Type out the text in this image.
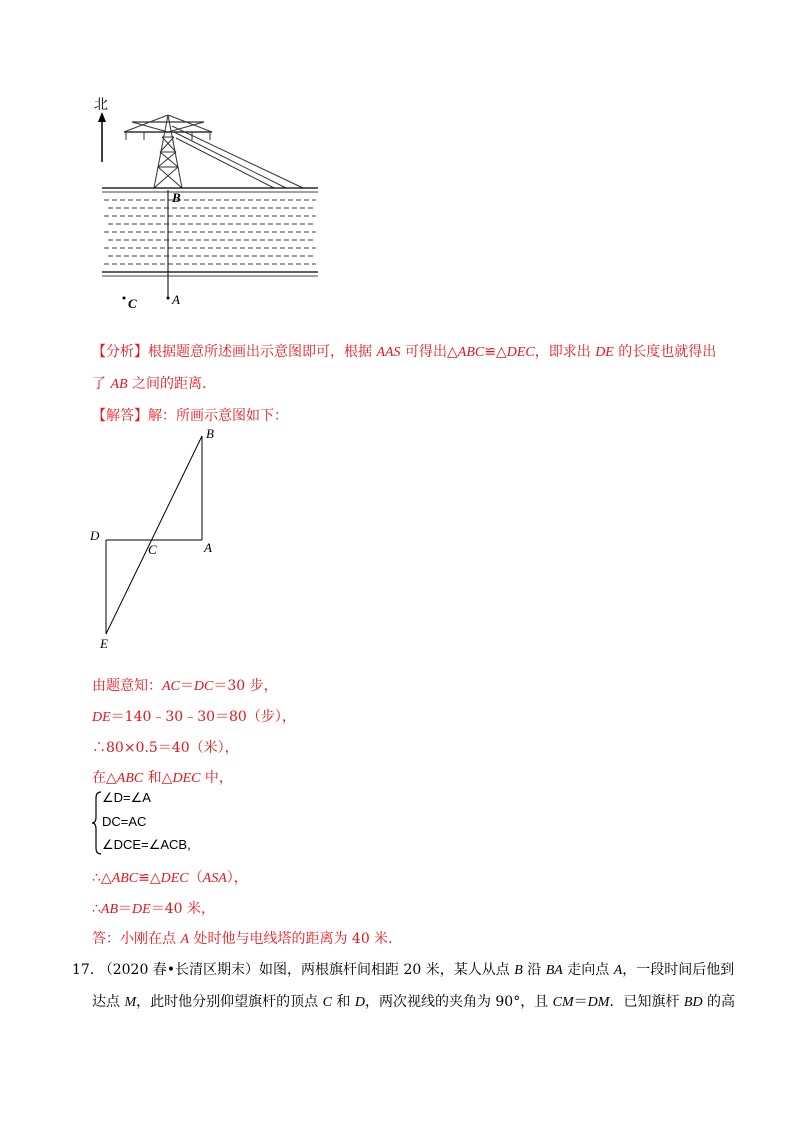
北
B
A
C
【分析】根据题意所述画出示意图即可，根据 AAS 可得出△ABC≌△DEC，即求出 DE 的长度也就得出
了 AB 之间的距离.
【解答】解：所画示意图如下：
B
D
C	A
E
由题意知：AC＝DC＝30 步，
DE＝140﹣30﹣30＝80（步），
∴80×0.5＝40（米），
在△ABC 和△DEC 中，
∠D=∠A
DC=AC
∠DCE=∠ACB,
∴△ABC≌△DEC（ASA），
∴AB＝DE＝40 米，
答：小刚在点 A 处时他与电线塔的距离为 40 米.
17. （2020 春•长清区期末）如图，两根旗杆间相距 20 米，某人从点 B 沿 BA 走向点 A，一段时间后他到
达点 M，此时他分别仰望旗杆的顶点 C 和 D，两次视线的夹角为 90°，且 CM＝DM．已知旗杆 BD 的高
